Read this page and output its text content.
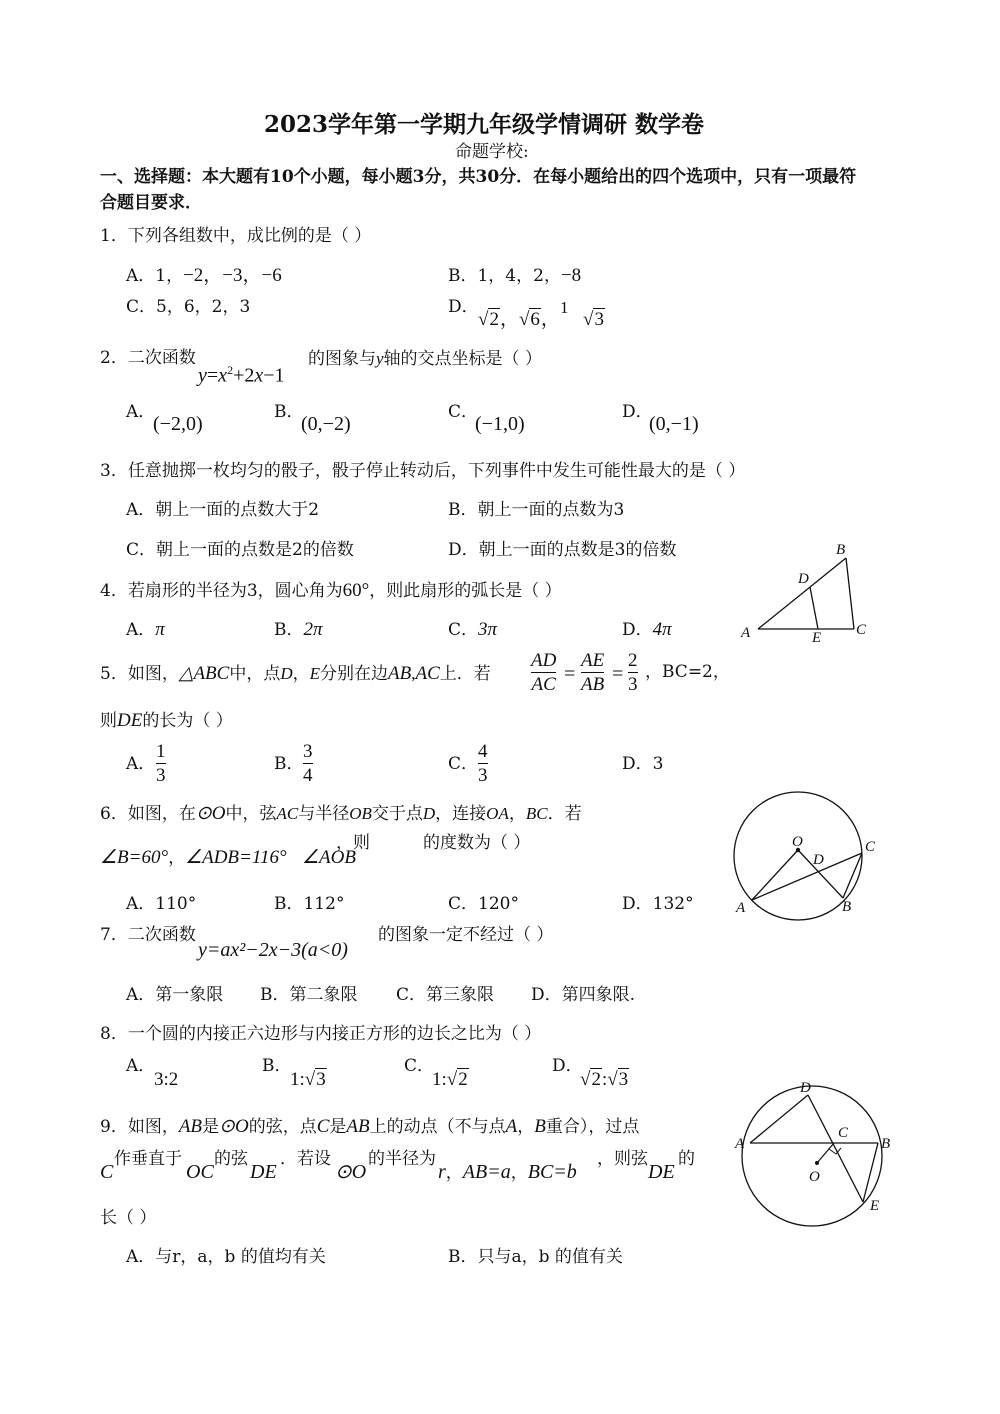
2023学年第一学期九年级学情调研 数学卷
命题学校:
一、选择题：本大题有10个小题，每小题3分，共30分．在每小题给出的四个选项中，只有一项最符
合题目要求．
1．下列各组数中，成比例的是（ ）
A．1，−2，−3，−6	B．1，4，2，−8
C．5，6，2，3	D．
√2，√6，
1
√3
2．二次函数
$y=x^2+2x-1$
的图象与y轴的交点坐标是（ ）
A．
(−2,0)
B．
(0,−2)
C．
(−1,0)
D．
(0,−1)
3．任意抛掷一枚均匀的骰子，骰子停止转动后，下列事件中发生可能性最大的是（ ）
A．朝上一面的点数大于2	B．朝上一面的点数为3
C．朝上一面的点数是2的倍数	D．朝上一面的点数是3的倍数
4．若扇形的半径为3，圆心角为60°，则此扇形的弧长是（ ）
A．π	B．2π	C．3π	D．4π	A
B
C
D
E
5．如图，△ABC中，点D，E分别在边AB,AC上．若
AD
AC =
AE
AB =
2
3
，BC=2，
则DE的长为（ ）
A．
1
3
B．
3
4
C．
4
3
D．3
O
A	B
C
D
6．如图，在⊙O中，弦AC与半径OB交于点D，连接OA，BC．若
∠B=60°，∠ADB=116°
，则
∠AOB
的度数为（ ）
A．110°	B．112°	C．120°	D．132°
7．二次函数
y=ax²−2x−3(a<0)
的图象一定不经过（ ）
A．第一象限 B．第二象限 C．第三象限 D．第四象限.
8．一个圆的内接正六边形与内接正方形的边长之比为（ ）
A．
3:2
B．
1:√3
C．
1:√2
D．
√2:√3
A	B
C
D
E
O
9．如图，AB是⊙O的弦，点C是AB上的动点（不与点A，B重合），过点
C
作垂直于
OC
的弦
DE
．若设
⊙O
的半径为
r，AB=a，BC=b
，则弦
DE
的
长（ ）
A．与r，a，b 的值均有关	B．只与a，b 的值有关
